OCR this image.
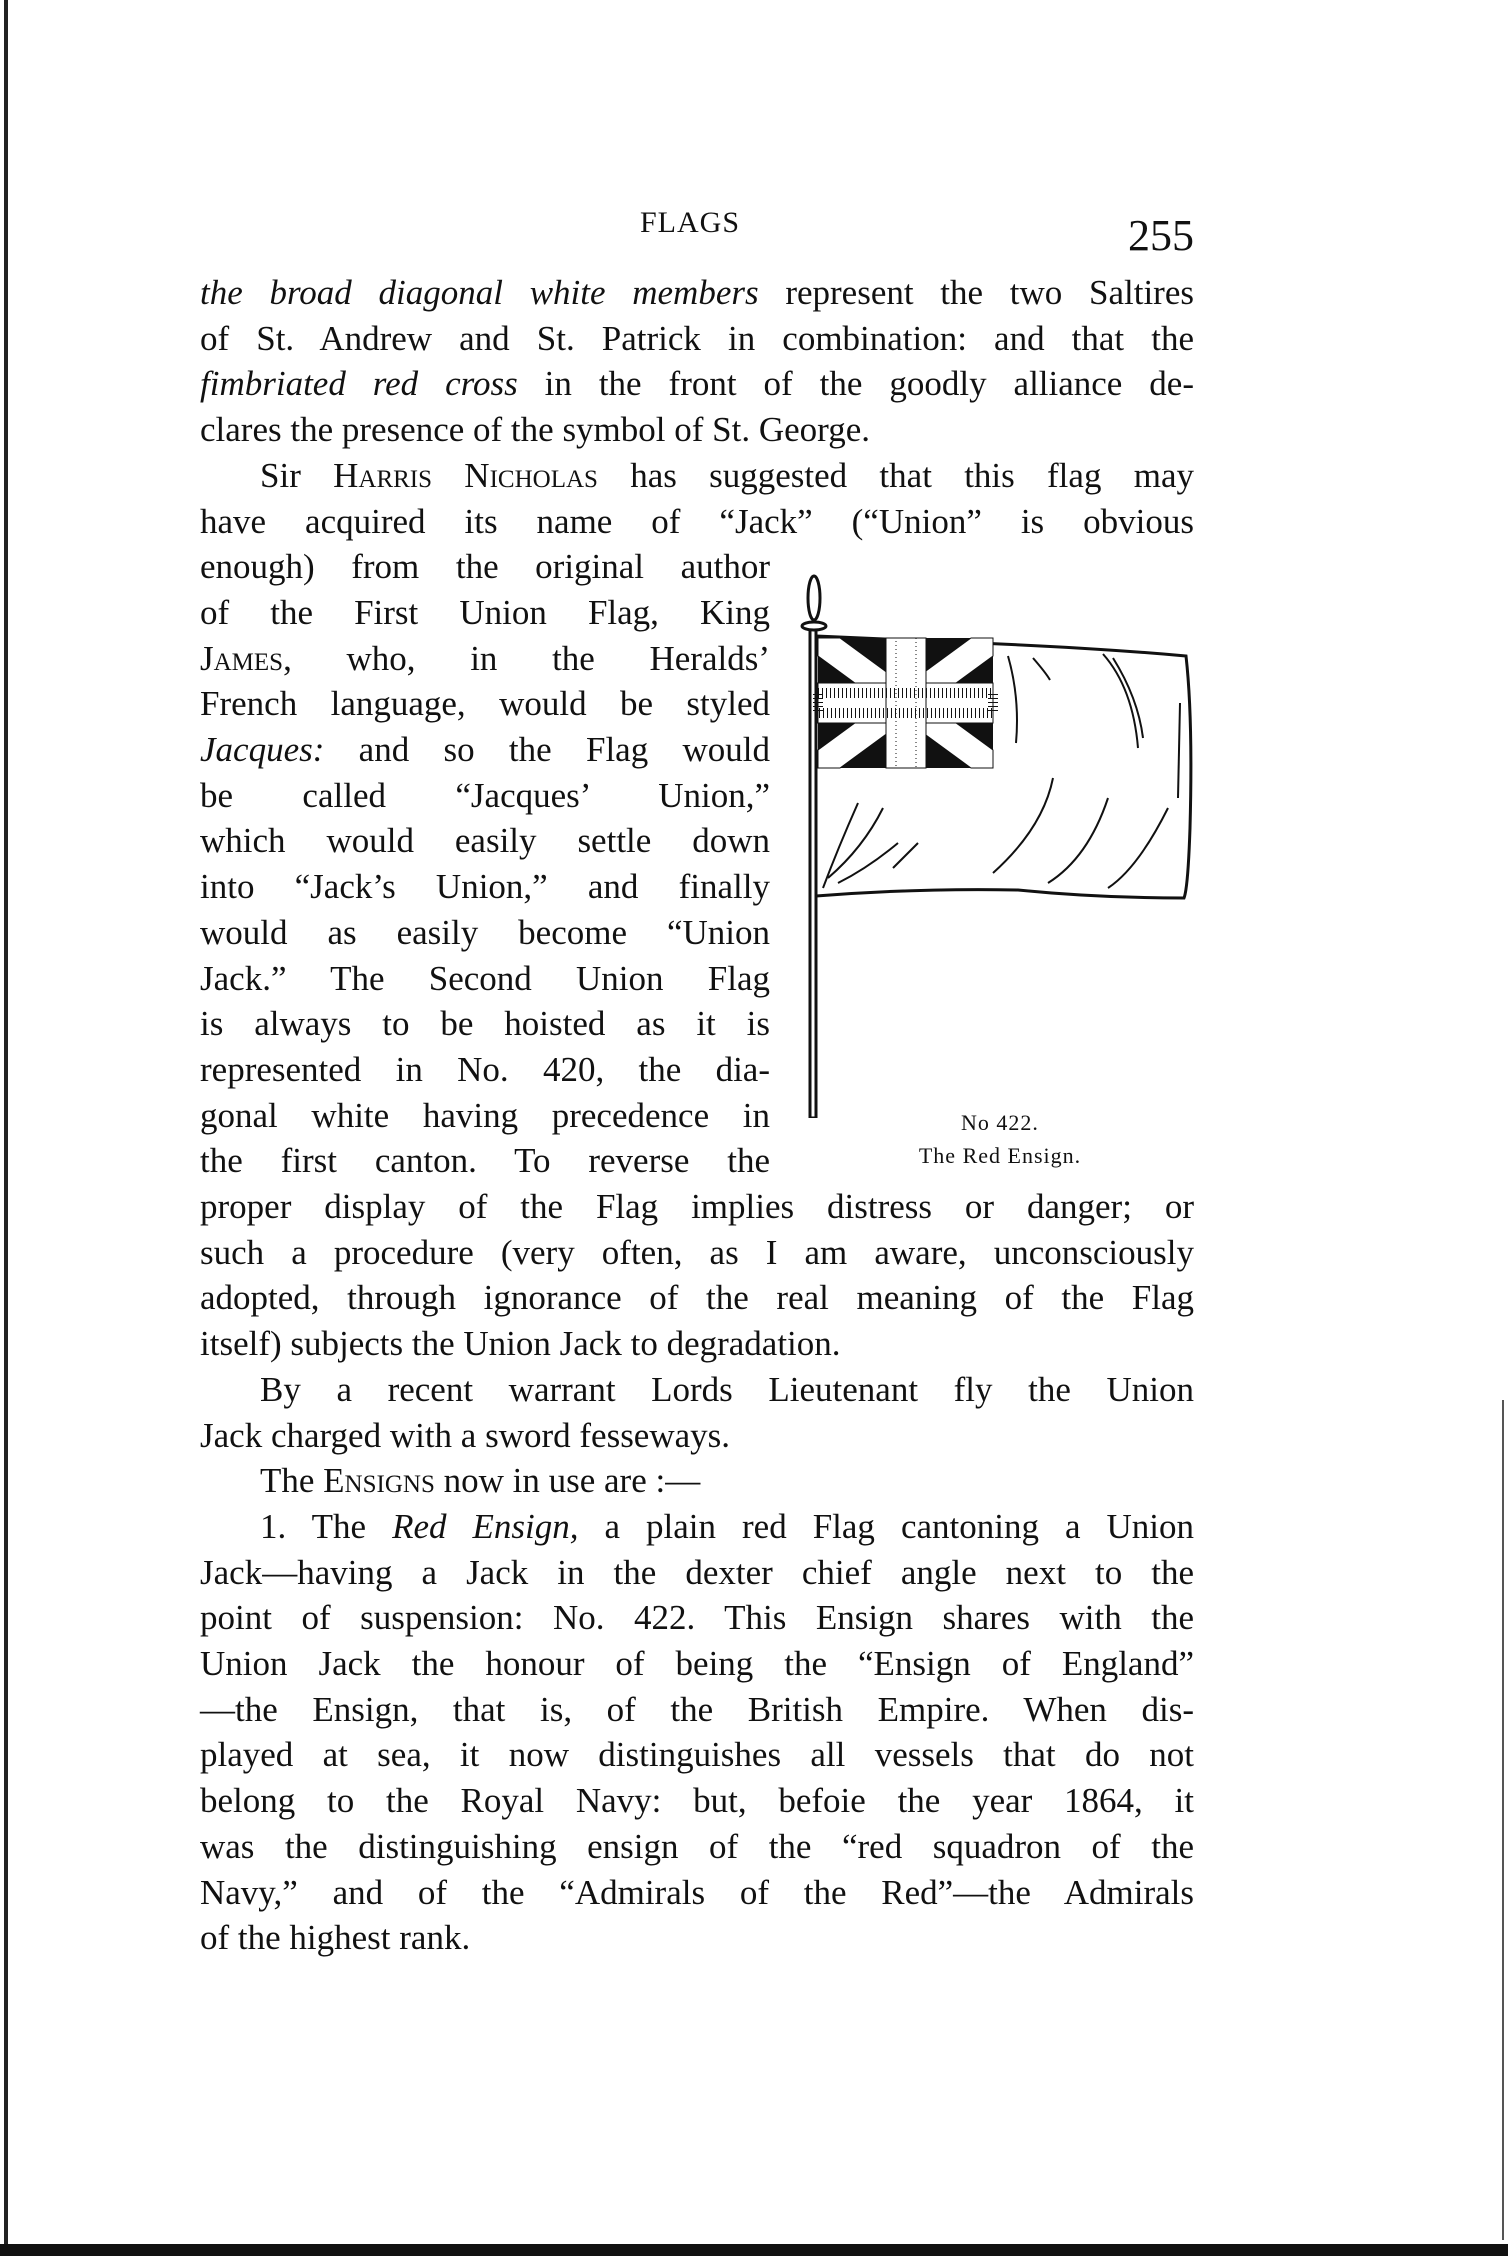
FLAGS	255
the broad diagonal white members represent the two Saltires
of St. Andrew and St. Patrick in combination: and that the
fimbriated red cross in the front of the goodly alliance de-
clares the presence of the symbol of St. George.
Sir Harris Nicholas has suggested that this flag may
have acquired its name of “Jack” (“Union” is obvious
enough) from the original author
of the First Union Flag, King
James, who, in the Heralds’
French language, would be styled
Jacques: and so the Flag would
be called “Jacques’ Union,”
which would easily settle down
into “Jack’s Union,” and finally
would as easily become “Union
Jack.” The Second Union Flag
is always to be hoisted as it is
represented in No. 420, the dia-
gonal white having precedence in
the first canton. To reverse the
proper display of the Flag implies distress or danger; or
such a procedure (very often, as I am aware, unconsciously
adopted, through ignorance of the real meaning of the Flag
itself) subjects the Union Jack to degradation.
By a recent warrant Lords Lieutenant fly the Union
Jack charged with a sword fesseways.
The Ensigns now in use are :—
1. The Red Ensign, a plain red Flag cantoning a Union
Jack—having a Jack in the dexter chief angle next to the
point of suspension: No. 422. This Ensign shares with the
Union Jack the honour of being the “Ensign of England”
—the Ensign, that is, of the British Empire. When dis-
played at sea, it now distinguishes all vessels that do not
belong to the Royal Navy: but, befoie the year 1864, it
was the distinguishing ensign of the “red squadron of the
Navy,” and of the “Admirals of the Red”—the Admirals
of the highest rank.
No 422.
The Red Ensign.
